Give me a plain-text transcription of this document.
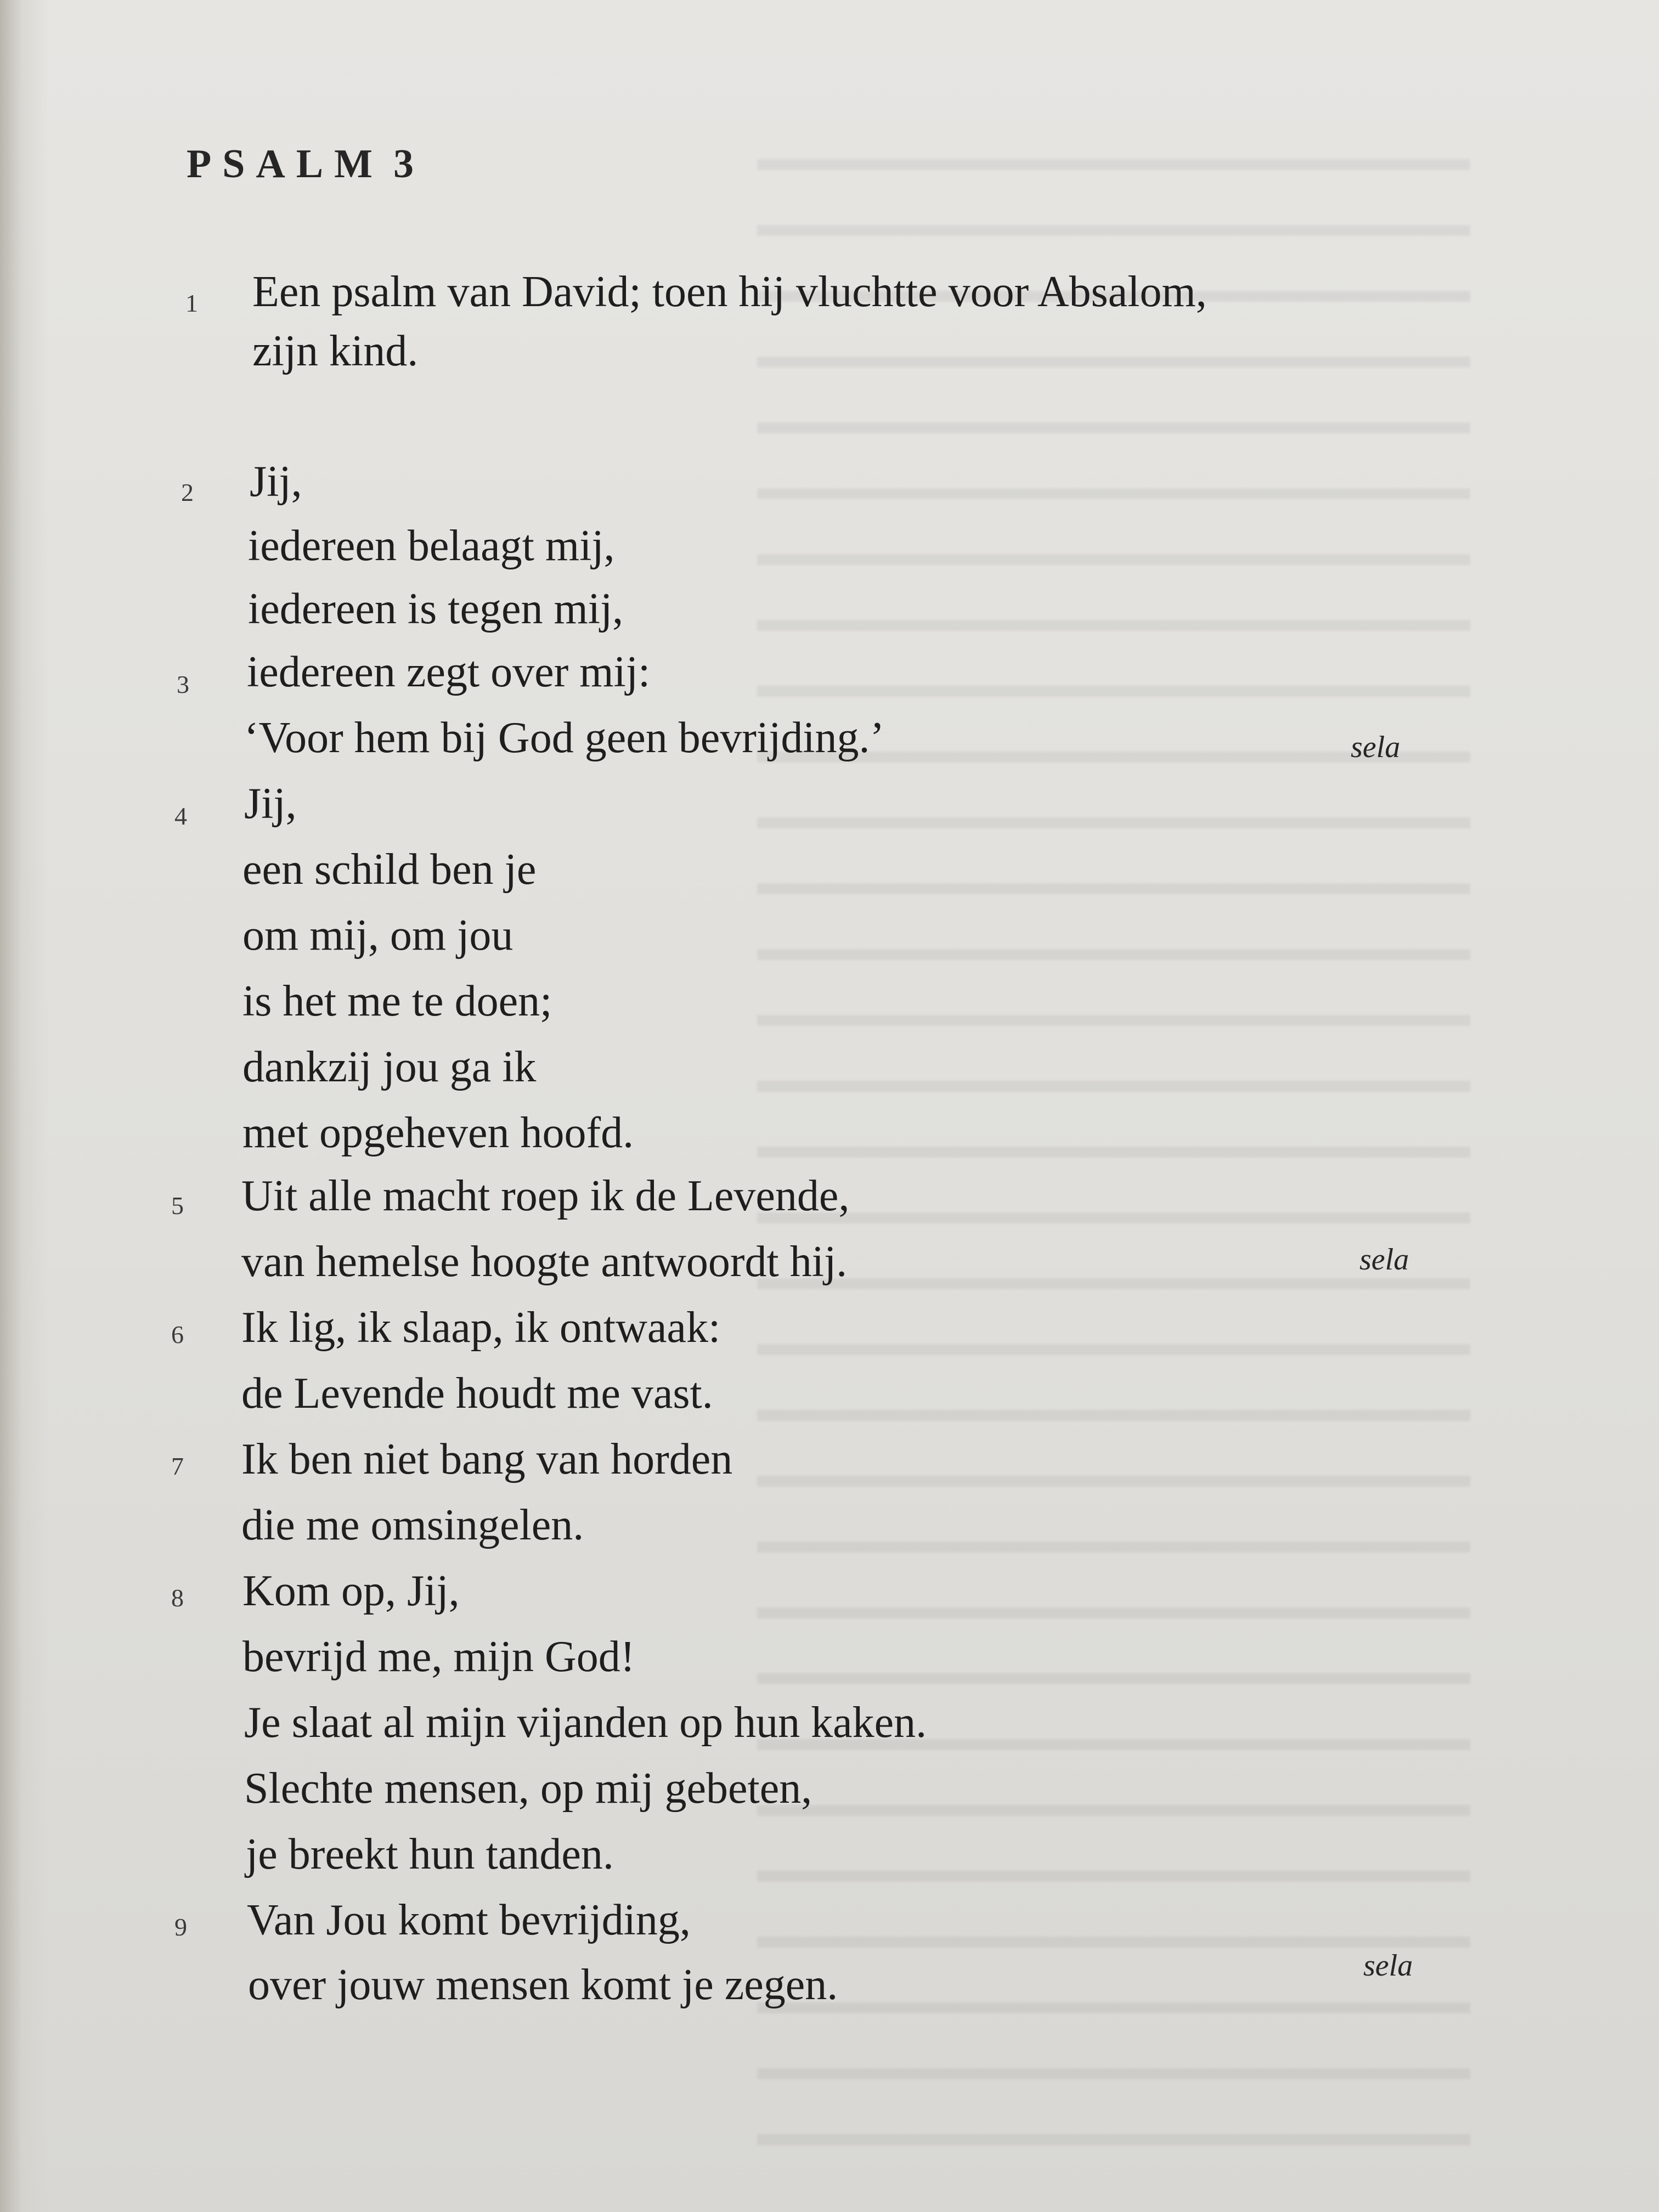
PSALM 3
1
2
3
4
5
6
7
8
9
Een psalm van David; toen hij vluchtte voor Absalom,
zijn kind.
Jij,
iedereen belaagt mij,
iedereen is tegen mij,
iedereen zegt over mij:
‘Voor hem bij God geen bevrijding.’	sela
Jij,
een schild ben je
om mij, om jou
is het me te doen;
dankzij jou ga ik
met opgeheven hoofd.
Uit alle macht roep ik de Levende,
van hemelse hoogte antwoordt hij.	sela
Ik lig, ik slaap, ik ontwaak:
de Levende houdt me vast.
Ik ben niet bang van horden
die me omsingelen.
Kom op, Jij,
bevrijd me, mijn God!
Je slaat al mijn vijanden op hun kaken.
Slechte mensen, op mij gebeten,
je breekt hun tanden.
Van Jou komt bevrijding,
over jouw mensen komt je zegen.	sela
